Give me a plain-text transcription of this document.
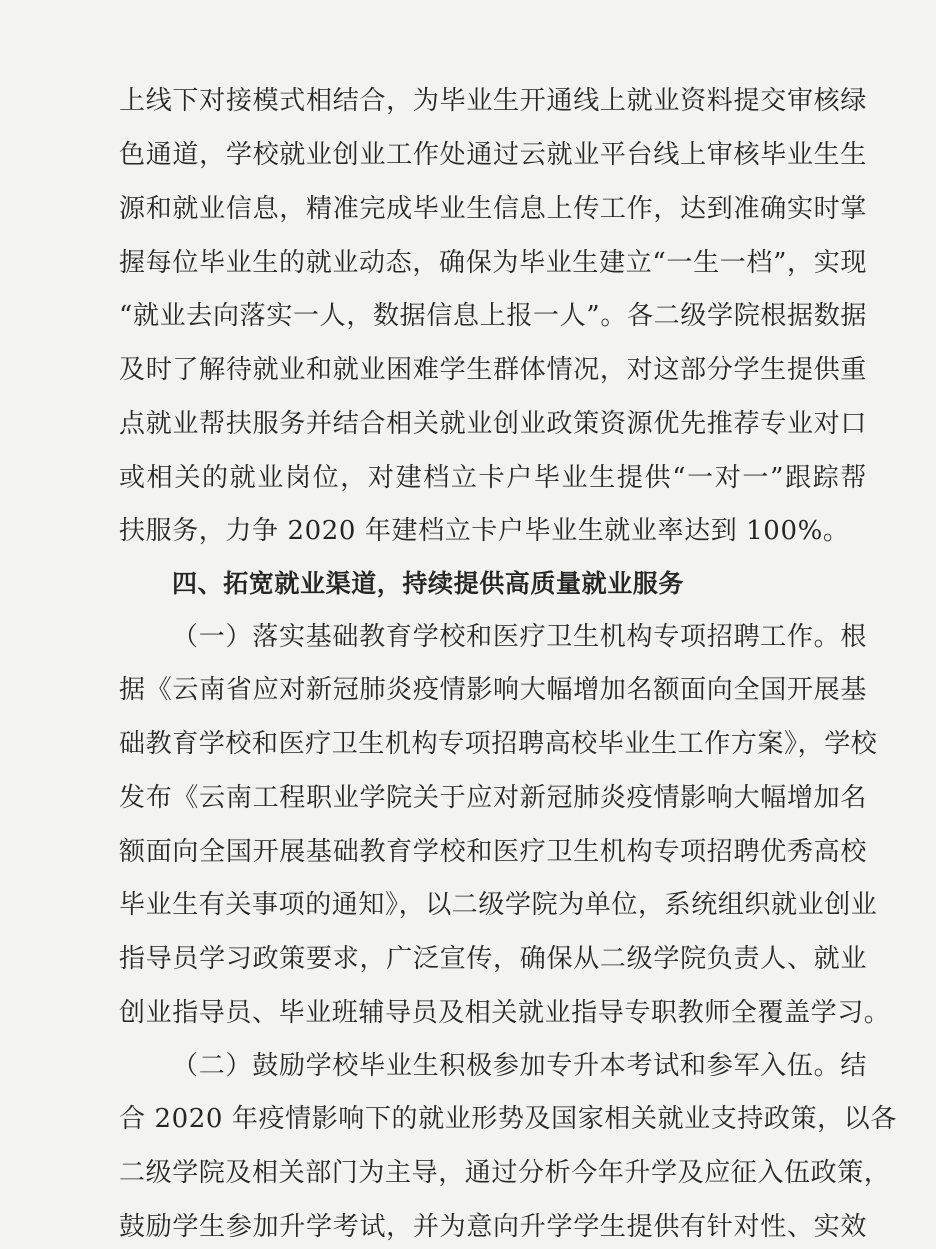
上线下对接模式相结合，为毕业生开通线上就业资料提交审核绿
色通道，学校就业创业工作处通过云就业平台线上审核毕业生生
源和就业信息，精准完成毕业生信息上传工作，达到准确实时掌
握每位毕业生的就业动态，确保为毕业生建立“一生一档”，实现
“就业去向落实一人，数据信息上报一人”。各二级学院根据数据
及时了解待就业和就业困难学生群体情况，对这部分学生提供重
点就业帮扶服务并结合相关就业创业政策资源优先推荐专业对口
或相关的就业岗位，对建档立卡户毕业生提供“一对一”跟踪帮
扶服务，力争 2020 年建档立卡户毕业生就业率达到 100%。
四、拓宽就业渠道，持续提供高质量就业服务
（一）落实基础教育学校和医疗卫生机构专项招聘工作。根
据《云南省应对新冠肺炎疫情影响大幅增加名额面向全国开展基
础教育学校和医疗卫生机构专项招聘高校毕业生工作方案》，学校
发布《云南工程职业学院关于应对新冠肺炎疫情影响大幅增加名
额面向全国开展基础教育学校和医疗卫生机构专项招聘优秀高校
毕业生有关事项的通知》，以二级学院为单位，系统组织就业创业
指导员学习政策要求，广泛宣传，确保从二级学院负责人、就业
创业指导员、毕业班辅导员及相关就业指导专职教师全覆盖学习。
（二）鼓励学校毕业生积极参加专升本考试和参军入伍。结
合 2020 年疫情影响下的就业形势及国家相关就业支持政策，以各
二级学院及相关部门为主导，通过分析今年升学及应征入伍政策，
鼓励学生参加升学考试，并为意向升学学生提供有针对性、实效
